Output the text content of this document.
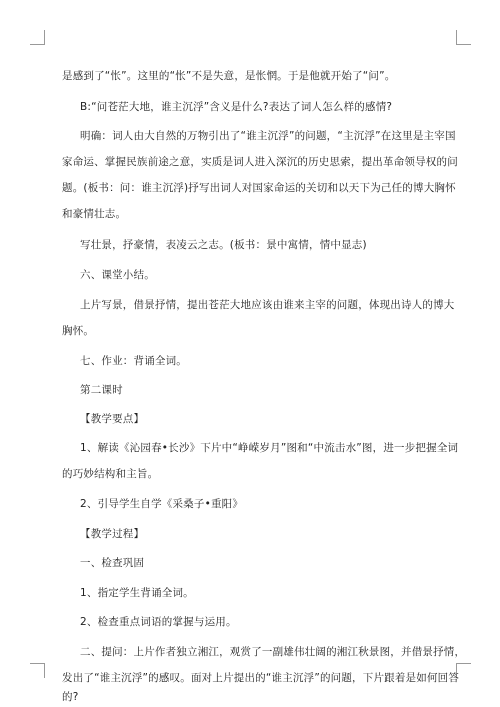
是感到了“怅”。这里的“怅”不是失意，是怅惘。于是他就开始了“问”。
B:“问苍茫大地，谁主沉浮”含义是什么?表达了词人怎么样的感情?
明确：词人由大自然的万物引出了“谁主沉浮”的问题，“主沉浮”在这里是主宰国
家命运、掌握民族前途之意，实质是词人进入深沉的历史思索，提出革命领导权的问
题。(板书：问：谁主沉浮)抒写出词人对国家命运的关切和以天下为己任的博大胸怀
和豪情壮志。
写壮景，抒豪情，表凌云之志。(板书：景中寓情，情中显志)
六、课堂小结。
上片写景，借景抒情，提出苍茫大地应该由谁来主宰的问题，体现出诗人的博大
胸怀。
七、作业：背诵全词。
第二课时
【教学要点】
1、解读《沁园春•长沙》下片中“峥嵘岁月”图和“中流击水”图，进一步把握全词
的巧妙结构和主旨。
2、引导学生自学《采桑子•重阳》
【教学过程】
一、检查巩固
1、指定学生背诵全词。
2、检查重点词语的掌握与运用。
二、提问：上片作者独立湘江，观赏了一副雄伟壮阔的湘江秋景图，并借景抒情，
发出了“谁主沉浮”的感叹。面对上片提出的“谁主沉浮”的问题，下片跟着是如何回答
的?
